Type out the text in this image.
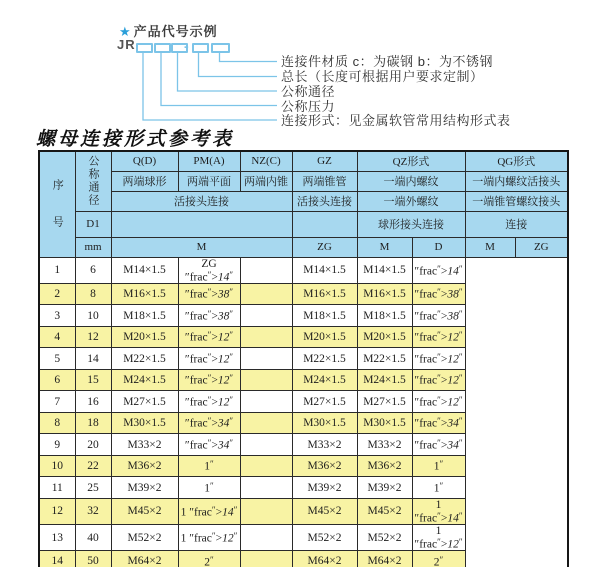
★ 产品代号示例
JR	-
连接件材质 c：为碳钢 b：为不锈钢
总长（长度可根据用户要求定制）
公称通径
公称压力
连接形式：见金属软管常用结构形式表
螺母连接形式参考表
序号	公称通径	Q(D)	PM(A)	NZ(C)	GZ	QZ形式		QG形式	
		两端球形	两端平面	两端内锥	两端锥管	一端内螺纹		一端内螺纹活接头	
		活接头连接			活接头连接	一端外螺纹		一端锥管螺纹接头	
	D1					球形接头连接		连接	
	mm	M			ZG	M	D	M	ZG
1	6	M14×1.5	ZG ″frac″>14″		M14×1.5	M14×1.5	″frac″>14″		
2	8	M16×1.5	″frac″>38″		M16×1.5	M16×1.5	″frac″>38″		
3	10	M18×1.5	″frac″>38″		M18×1.5	M18×1.5	″frac″>38″		
4	12	M20×1.5	″frac″>12″		M20×1.5	M20×1.5	″frac″>12″		
5	14	M22×1.5	″frac″>12″		M22×1.5	M22×1.5	″frac″>12″		
6	15	M24×1.5	″frac″>12″		M24×1.5	M24×1.5	″frac″>12″		
7	16	M27×1.5	″frac″>12″		M27×1.5	M27×1.5	″frac″>12″		
8	18	M30×1.5	″frac″>34″		M30×1.5	M30×1.5	″frac″>34″		
9	20	M33×2	″frac″>34″		M33×2	M33×2	″frac″>34″		
10	22	M36×2	1″		M36×2	M36×2	1″		
11	25	M39×2	1″		M39×2	M39×2	1″		
12	32	M45×2	1 ″frac″>14″		M45×2	M45×2	1 ″frac″>14″		
13	40	M52×2	1 ″frac″>12″		M52×2	M52×2	1 ″frac″>12″		
14	50	M64×2	2″		M64×2	M64×2	2″		
